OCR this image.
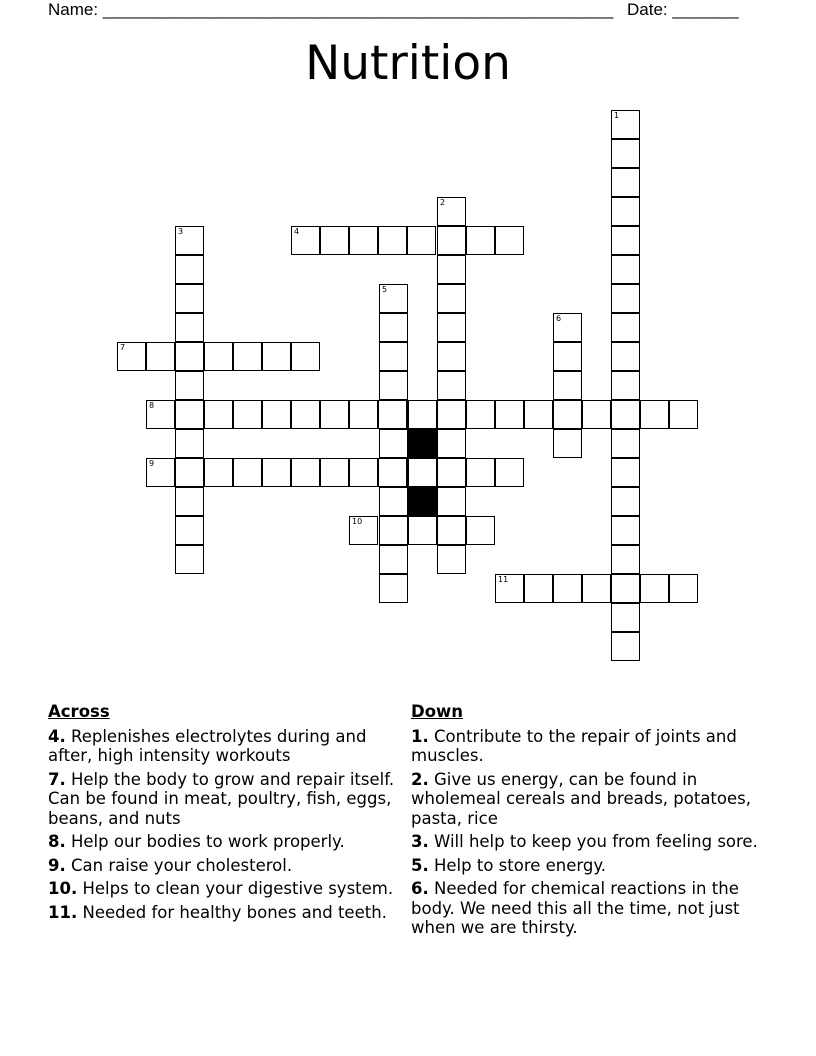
Name: ______________________________________________________ Date: _______
Nutrition
1
2
3	4
5
6
7
8
9
10
11
Across
4. Replenishes electrolytes during and after, high intensity workouts
7. Help the body to grow and repair itself. Can be found in meat, poultry, fish, eggs, beans, and nuts
8. Help our bodies to work properly.
9. Can raise your cholesterol.
10. Helps to clean your digestive system.
11. Needed for healthy bones and teeth.
Down
1. Contribute to the repair of joints and muscles.
2. Give us energy, can be found in wholemeal cereals and breads, potatoes, pasta, rice
3. Will help to keep you from feeling sore.
5. Help to store energy.
6. Needed for chemical reactions in the body. We need this all the time, not just when we are thirsty.
